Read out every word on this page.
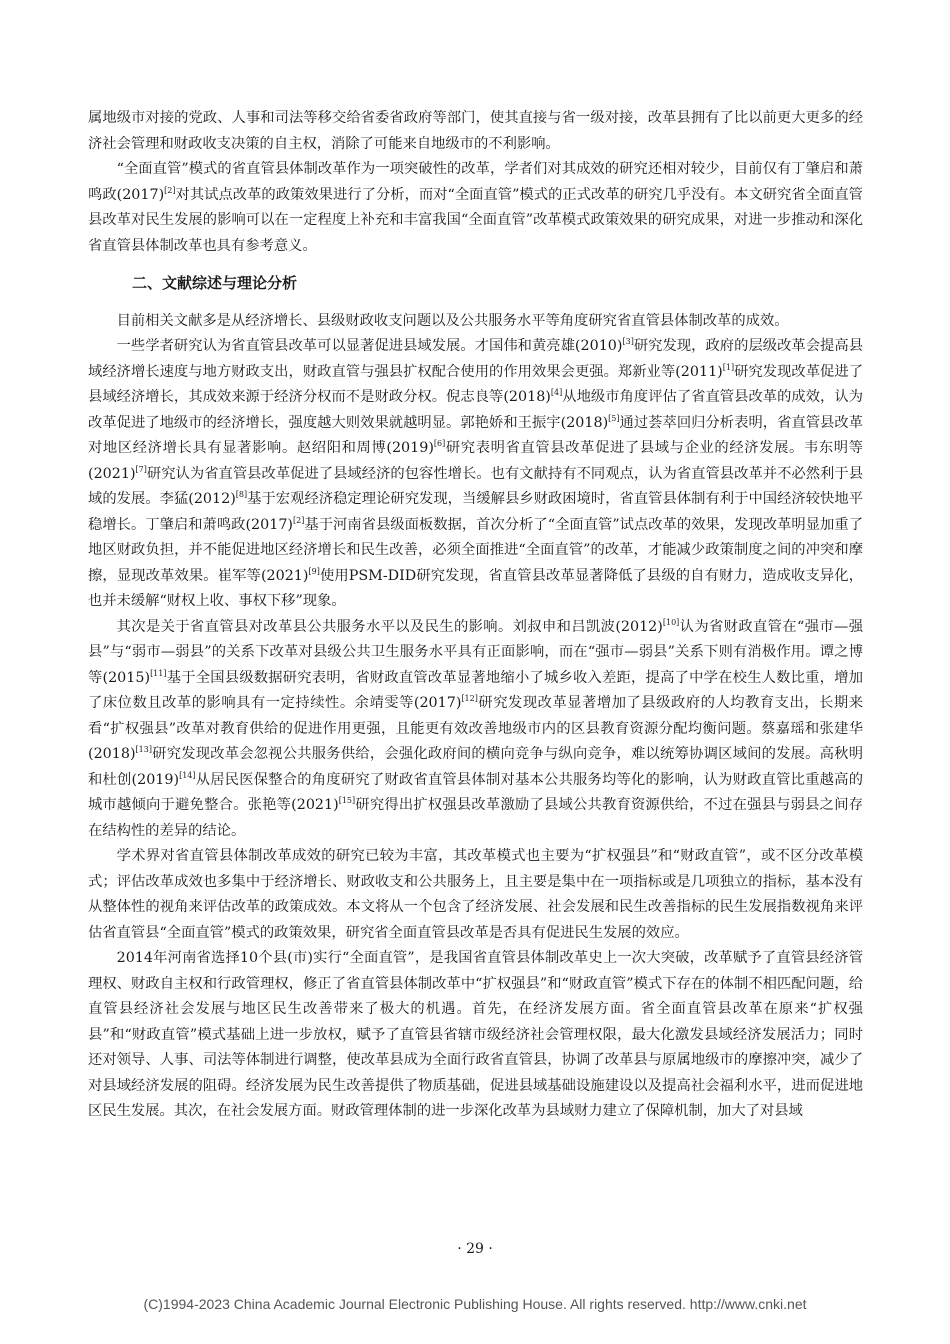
属地级市对接的党政、人事和司法等移交给省委省政府等部门，使其直接与省一级对接，改革县拥有了比以前更大更多的经济社会管理和财政收支决策的自主权，消除了可能来自地级市的不利影响。

“全面直管”模式的省直管县体制改革作为一项突破性的改革，学者们对其成效的研究还相对较少，目前仅有丁肇启和萧鸣政(2017)[2]对其试点改革的政策效果进行了分析，而对“全面直管”模式的正式改革的研究几乎没有。本文研究省全面直管县改革对民生发展的影响可以在一定程度上补充和丰富我国“全面直管”改革模式政策效果的研究成果，对进一步推动和深化省直管县体制改革也具有参考意义。

二、文献综述与理论分析

目前相关文献多是从经济增长、县级财政收支问题以及公共服务水平等角度研究省直管县体制改革的成效。

一些学者研究认为省直管县改革可以显著促进县域发展。才国伟和黄亮雄(2010)[3]研究发现，政府的层级改革会提高县域经济增长速度与地方财政支出，财政直管与强县扩权配合使用的作用效果会更强。郑新业等(2011)[1]研究发现改革促进了县域经济增长，其成效来源于经济分权而不是财政分权。倪志良等(2018)[4]从地级市角度评估了省直管县改革的成效，认为改革促进了地级市的经济增长，强度越大则效果就越明显。郭艳娇和王振宇(2018)[5]通过荟萃回归分析表明，省直管县改革对地区经济增长具有显著影响。赵绍阳和周博(2019)[6]研究表明省直管县改革促进了县域与企业的经济发展。韦东明等(2021)[7]研究认为省直管县改革促进了县域经济的包容性增长。也有文献持有不同观点，认为省直管县改革并不必然利于县域的发展。李猛(2012)[8]基于宏观经济稳定理论研究发现，当缓解县乡财政困境时，省直管县体制有利于中国经济较快地平稳增长。丁肇启和萧鸣政(2017)[2]基于河南省县级面板数据，首次分析了“全面直管”试点改革的效果，发现改革明显加重了地区财政负担，并不能促进地区经济增长和民生改善，必须全面推进“全面直管”的改革，才能减少政策制度之间的冲突和摩擦，显现改革效果。崔军等(2021)[9]使用PSM-DID研究发现，省直管县改革显著降低了县级的自有财力，造成收支异化，也并未缓解“财权上收、事权下移”现象。

其次是关于省直管县对改革县公共服务水平以及民生的影响。刘叔申和吕凯波(2012)[10]认为省财政直管在“强市—强县”与“弱市—弱县”的关系下改革对县级公共卫生服务水平具有正面影响，而在“强市—弱县”关系下则有消极作用。谭之博等(2015)[11]基于全国县级数据研究表明，省财政直管改革显著地缩小了城乡收入差距，提高了中学在校生人数比重，增加了床位数且改革的影响具有一定持续性。余靖雯等(2017)[12]研究发现改革显著增加了县级政府的人均教育支出，长期来看“扩权强县”改革对教育供给的促进作用更强，且能更有效改善地级市内的区县教育资源分配均衡问题。蔡嘉瑶和张建华(2018)[13]研究发现改革会忽视公共服务供给，会强化政府间的横向竞争与纵向竞争，难以统筹协调区域间的发展。高秋明和杜创(2019)[14]从居民医保整合的角度研究了财政省直管县体制对基本公共服务均等化的影响，认为财政直管比重越高的城市越倾向于避免整合。张艳等(2021)[15]研究得出扩权强县改革激励了县域公共教育资源供给，不过在强县与弱县之间存在结构性的差异的结论。

学术界对省直管县体制改革成效的研究已较为丰富，其改革模式也主要为“扩权强县”和“财政直管”，或不区分改革模式；评估改革成效也多集中于经济增长、财政收支和公共服务上，且主要是集中在一项指标或是几项独立的指标，基本没有从整体性的视角来评估改革的政策成效。本文将从一个包含了经济发展、社会发展和民生改善指标的民生发展指数视角来评估省直管县“全面直管”模式的政策效果，研究省全面直管县改革是否具有促进民生发展的效应。

2014年河南省选择10个县(市)实行“全面直管”，是我国省直管县体制改革史上一次大突破，改革赋予了直管县经济管理权、财政自主权和行政管理权，修正了省直管县体制改革中“扩权强县”和“财政直管”模式下存在的体制不相匹配问题，给直管县经济社会发展与地区民生改善带来了极大的机遇。首先，在经济发展方面。省全面直管县改革在原来“扩权强县”和“财政直管”模式基础上进一步放权，赋予了直管县省辖市级经济社会管理权限，最大化激发县域经济发展活力；同时还对领导、人事、司法等体制进行调整，使改革县成为全面行政省直管县，协调了改革县与原属地级市的摩擦冲突，减少了对县域经济发展的阻碍。经济发展为民生改善提供了物质基础，促进县域基础设施建设以及提高社会福利水平，进而促进地区民生发展。其次，在社会发展方面。财政管理体制的进一步深化改革为县域财力建立了保障机制，加大了对县域

· 29 ·
(C)1994-2023 China Academic Journal Electronic Publishing House. All rights reserved. http://www.cnki.net
